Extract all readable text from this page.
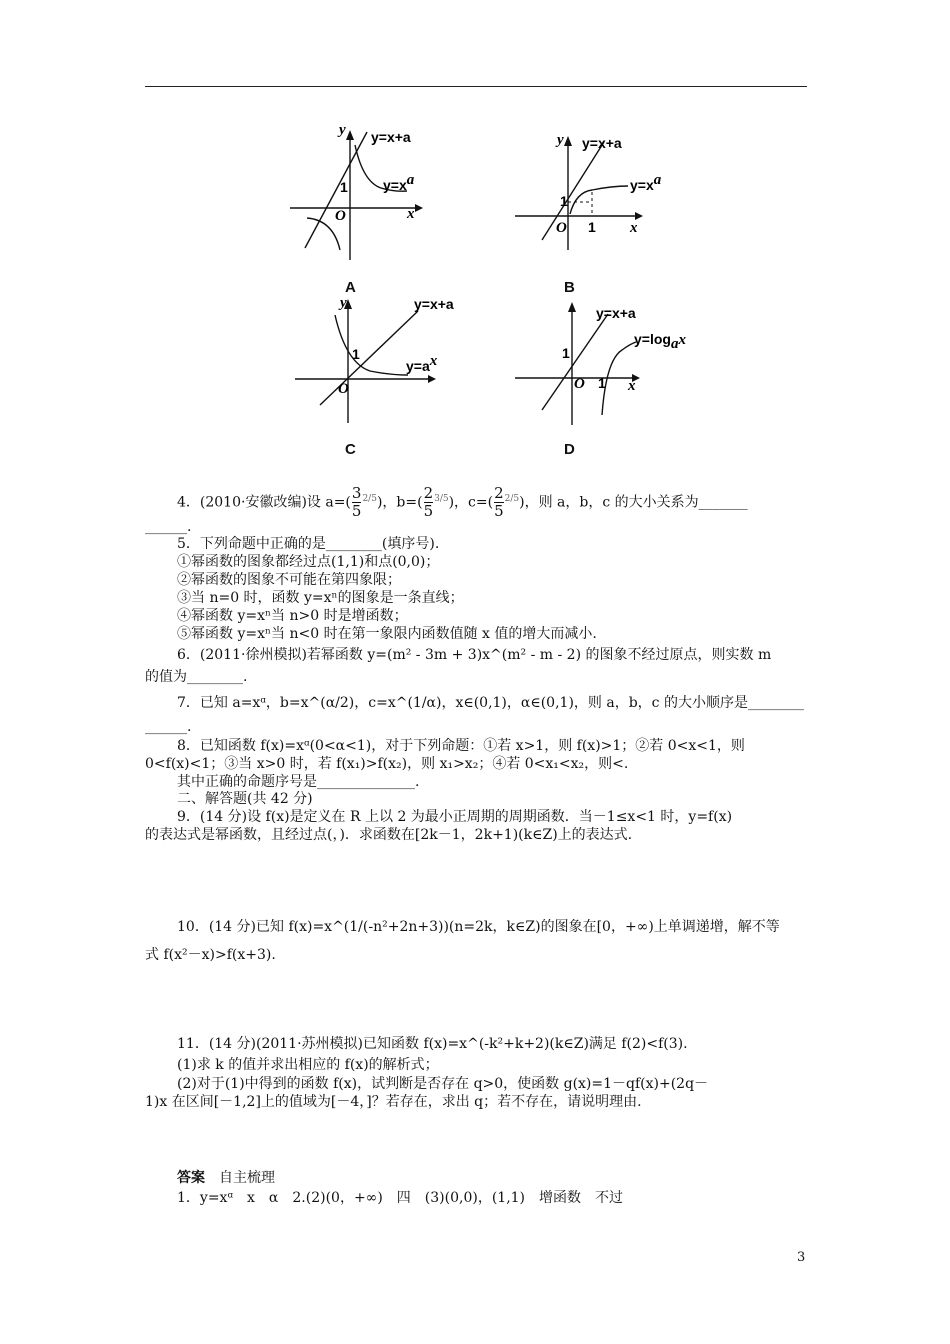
y y=x+a
y=xa
1
O	x
A
y y=x+a
y=xa
1
1
O	x
B
y	y=x+a
y=ax
1
O
C
y=x+a
y=logax
1
1
O	x
D
4．(2010·安徽改编)设 $a=( \frac{3}{5} ^{2/5})$，$b=( \frac{2}{5} ^{3/5})$，$c=( \frac{2}{5} ^{2/5})$，则 a，b，c 的大小关系为_______
______.
5．下列命题中正确的是________(填序号).
①幂函数的图象都经过点(1,1)和点(0,0)；
②幂函数的图象不可能在第四象限；
③当 n=0 时，函数 y=xⁿ的图象是一条直线；
④幂函数 y=xⁿ当 n>0 时是增函数；
⑤幂函数 y=xⁿ当 n<0 时在第一象限内函数值随 x 值的增大而减小.
6．(2011·徐州模拟)若幂函数 y=(m² - 3m + 3)x^(m² - m - 2) 的图象不经过原点，则实数 m
的值为________.
7．已知 a=xᵅ，b=x^(α/2)，c=x^(1/α)，x∈(0,1)，α∈(0,1)，则 a，b，c 的大小顺序是________
______.
8．已知函数 f(x)=xᵅ(0<α<1)，对于下列命题：①若 x>1，则 f(x)>1；②若 0<x<1，则
0<f(x)<1；③当 x>0 时，若 f(x₁)>f(x₂)，则 x₁>x₂；④若 0<x₁<x₂，则<.
其中正确的命题序号是______________.
二、解答题(共 42 分)
9．(14 分)设 f(x)是定义在 R 上以 2 为最小正周期的周期函数．当－1≤x<1 时，y=f(x)
的表达式是幂函数，且经过点(，)．求函数在[2k－1，2k+1)(k∈Z)上的表达式.
10．(14 分)已知 f(x)=x^(1/(-n²+2n+3))(n=2k，k∈Z)的图象在[0，+∞)上单调递增，解不等
式 f(x²－x)>f(x+3).
11．(14 分)(2011·苏州模拟)已知函数 f(x)=x^(-k²+k+2)(k∈Z)满足 f(2)<f(3).
(1)求 k 的值并求出相应的 f(x)的解析式；
(2)对于(1)中得到的函数 f(x)，试判断是否存在 q>0，使函数 g(x)=1－qf(x)+(2q－
1)x 在区间[－1,2]上的值域为[－4，]？若存在，求出 q；若不存在，请说明理由.
答案　 自主梳理
1．y=xᵅ　x　α　2.(2)(0，+∞)　四　(3)(0,0)，(1,1)　增函数　不过
3
